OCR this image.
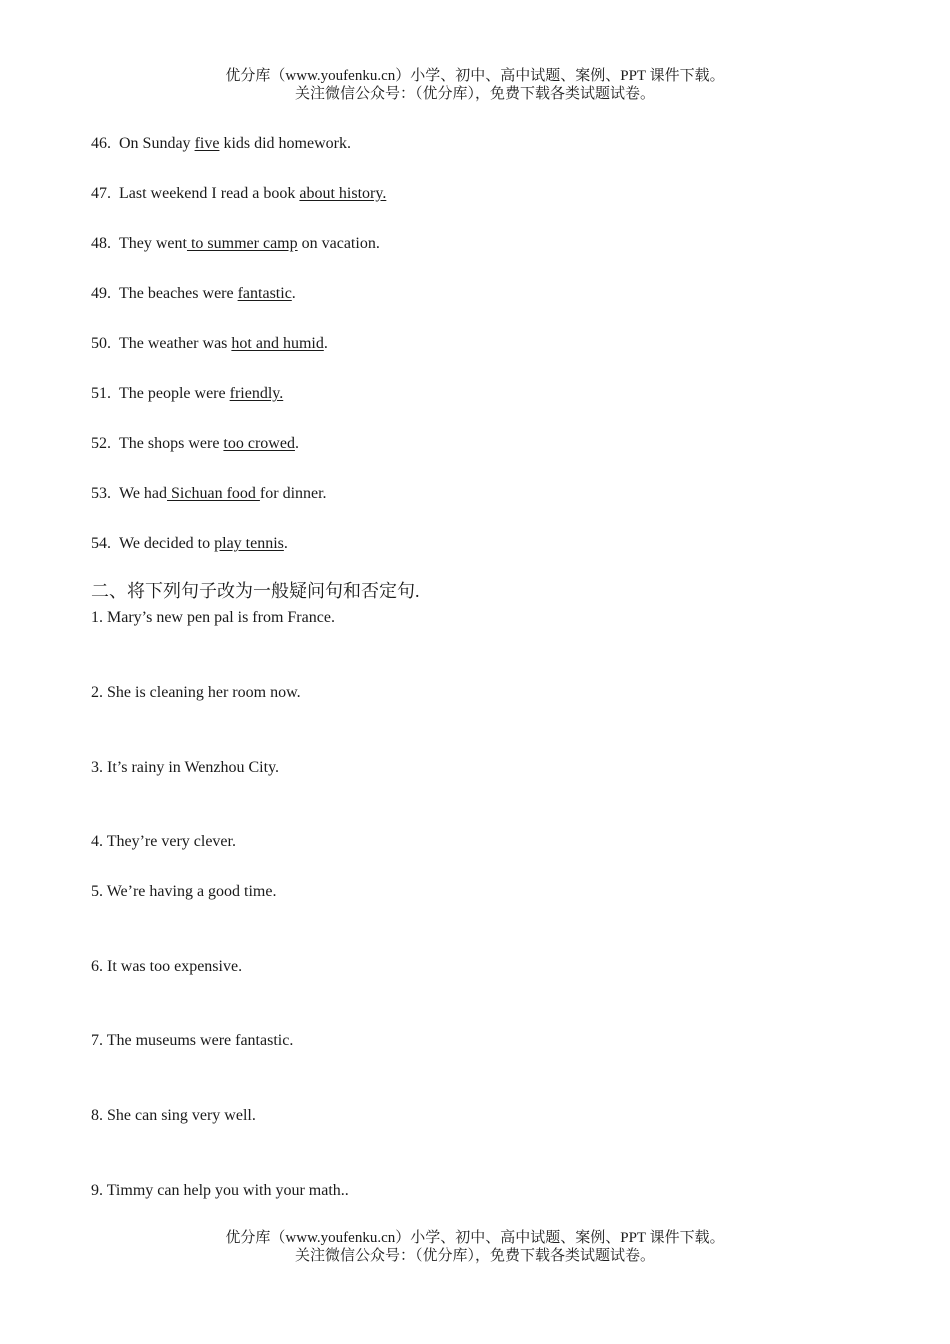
优分库（www.youfenku.cn）小学、初中、高中试题、案例、PPT 课件下载。
关注微信公众号：（优分库），免费下载各类试题试卷。
46. On Sunday five kids did homework.
47. Last weekend I read a book about history.
48. They went to summer camp on vacation.
49. The beaches were fantastic.
50. The weather was hot and humid.
51. The people were friendly.
52. The shops were too crowed.
53. We had Sichuan food for dinner.
54. We decided to play tennis.
二、将下列句子改为一般疑问句和否定句.
1. Mary’s new pen pal is from France.
2. She is cleaning her room now.
3. It’s rainy in Wenzhou City.
4. They’re very clever.
5. We’re having a good time.
6. It was too expensive.
7. The museums were fantastic.
8. She can sing very well.
9. Timmy can help you with your math..
优分库（www.youfenku.cn）小学、初中、高中试题、案例、PPT 课件下载。
关注微信公众号：（优分库），免费下载各类试题试卷。
